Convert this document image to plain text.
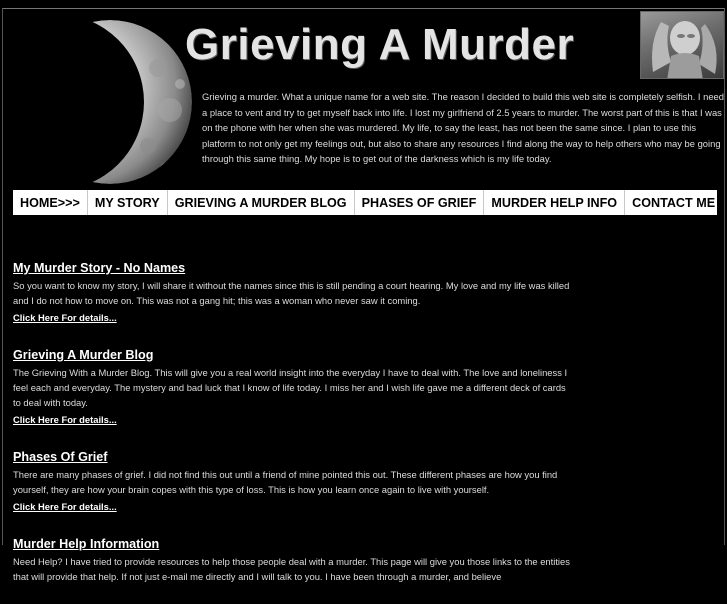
Grieving A Murder
Grieving a murder. What a unique name for a web site. The reason I decided to build this web site is completely selfish. I need a place to vent and try to get myself back into life. I lost my girlfriend of 2.5 years to murder. The worst part of this is that I was on the phone with her when she was murdered. My life, to say the least, has not been the same since. I plan to use this platform to not only get my feelings out, but also to share any resources I find along the way to help others who may be going through this same thing. My hope is to get out of the darkness which is my life today.
HOME>>>	MY STORY	GRIEVING A MURDER BLOG	PHASES OF GRIEF	MURDER HELP INFO	CONTACT ME
My Murder Story - No Names
So you want to know my story, I will share it without the names since this is still pending a court hearing. My love and my life was killed and I do not how to move on. This was not a gang hit; this was a woman who never saw it coming.
Click Here For details...
Grieving A Murder Blog
The Grieving With a Murder Blog. This will give you a real world insight into the everyday I have to deal with. The love and loneliness I feel each and everyday. The mystery and bad luck that I know of life today. I miss her and I wish life gave me a different deck of cards to deal with today.
Click Here For details...
Phases Of Grief
There are many phases of grief. I did not find this out until a friend of mine pointed this out. These different phases are how you find yourself, they are how your brain copes with this type of loss. This is how you learn once again to live with yourself.
Click Here For details...
Murder Help Information
Need Help? I have tried to provide resources to help those people deal with a murder. This page will give you those links to the entities that will provide that help. If not just e-mail me directly and I will talk to you. I have been through a murder, and believe
